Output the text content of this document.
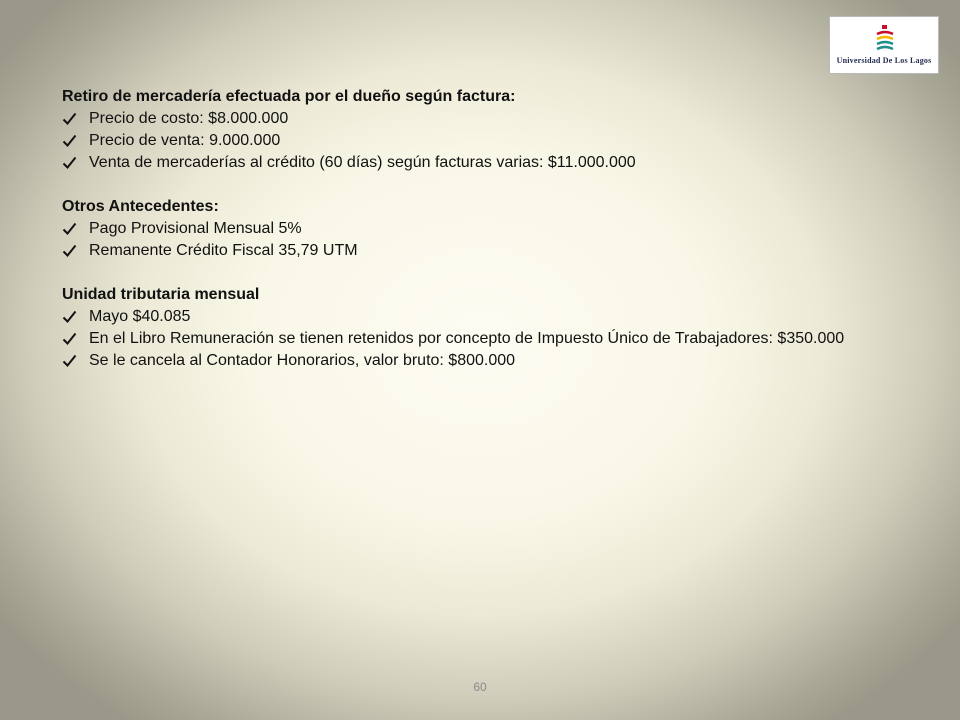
Universidad De Los Lagos
Retiro de mercadería efectuada por el dueño según factura:
Precio de costo: $8.000.000
Precio de venta: 9.000.000
Venta de mercaderías al crédito (60 días) según facturas varias: $11.000.000
Otros Antecedentes:
Pago Provisional Mensual 5%
Remanente Crédito Fiscal 35,79 UTM
Unidad tributaria mensual
Mayo $40.085
En el Libro Remuneración se tienen retenidos por concepto de Impuesto Único de Trabajadores: $350.000
Se le cancela al Contador Honorarios, valor bruto: $800.000
60
